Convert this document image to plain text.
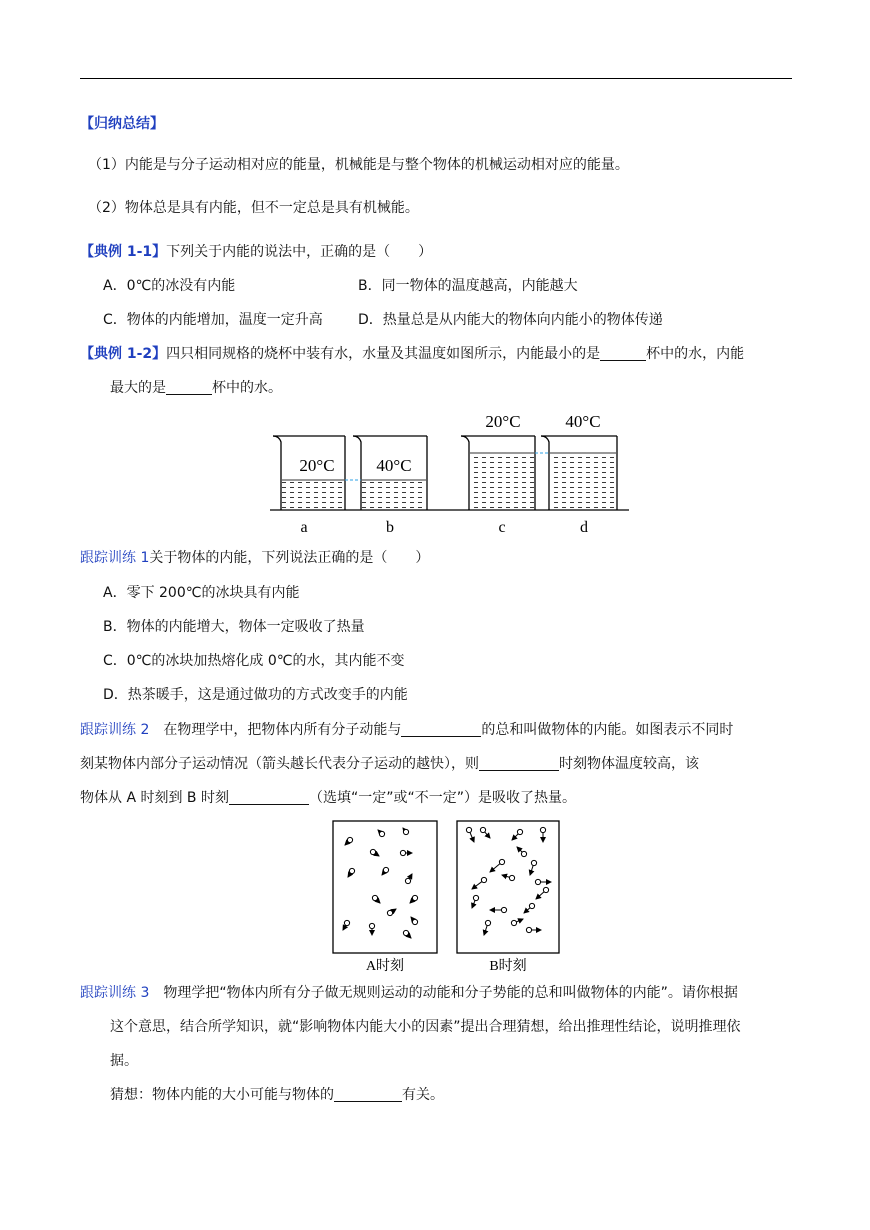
【归纳总结】
（1）内能是与分子运动相对应的能量，机械能是与整个物体的机械运动相对应的能量。
（2）物体总是具有内能，但不一定总是具有机械能。
【典例 1-1】下列关于内能的说法中，正确的是（　　）
A．0℃的冰没有内能	B．同一物体的温度越高，内能越大
C．物体的内能增加，温度一定升高	D．热量总是从内能大的物体向内能小的物体传递
【典例 1-2】四只相同规格的烧杯中装有水，水量及其温度如图所示，内能最小的是	杯中的水，内能
最大的是	杯中的水。
20°C 40°C
20°C	40°C
a	b	c	d
跟踪训练 1关于物体的内能，下列说法正确的是（　　）
A．零下 200℃的冰块具有内能
B．物体的内能增大，物体一定吸收了热量
C．0℃的冰块加热熔化成 0℃的水，其内能不变
D．热茶暖手，这是通过做功的方式改变手的内能
跟踪训练 2 在物理学中，把物体内所有分子动能与	的总和叫做物体的内能。如图表示不同时
刻某物体内部分子运动情况（箭头越长代表分子运动的越快），则	时刻物体温度较高，该
物体从 A 时刻到 B 时刻	（选填“一定”或“不一定”）是吸收了热量。
A时刻	B时刻
跟踪训练 3 物理学把“物体内所有分子做无规则运动的动能和分子势能的总和叫做物体的内能”。请你根据
这个意思，结合所学知识，就“影响物体内能大小的因素”提出合理猜想，给出推理性结论，说明推理依
据。
猜想：物体内能的大小可能与物体的	有关。
